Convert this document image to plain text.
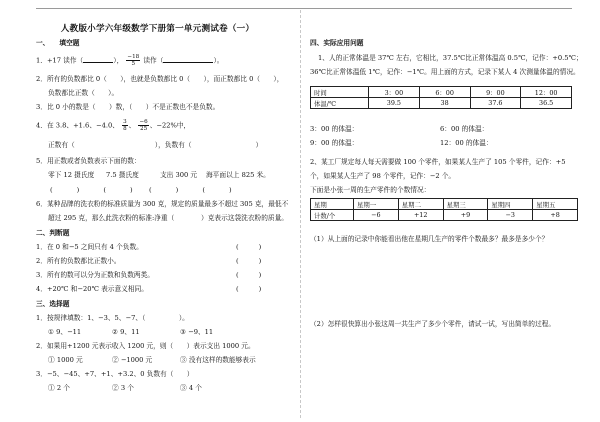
人教版小学六年级数学下册第一单元测试卷（一）
一、　　填空题
1．+17 读作（	）， $\frac{-18}{5}$ 读作（	）。
2．所有的负数都比 0（　　），也就是负数都比 0（　　），而正数都比 0（　　），
负数都比正数（　　）。
3．比 0 小的数是（　　）数，（　　）不是正数也不是负数。
4．在 3.8、+1.6、−4.0、 $\frac{3}{8}$ 、 $\frac{-6}{25}$ 、−22%中，
正数有（	），负数有（	）
5．用正数或者负数表示下面的数：
零下 12 摄氏度 7.5 摄氏度	支出 300 元 海平面以上 825 米。
(　　　)　　　(　　　)　　(　　　)　　　(　　　)
6．某种品牌的洗衣粉的标准质量为 300 克，规定的质量最多不超过 305 克，最低不
超过 295 克，那么此洗衣粉的标准:净重（　　　　）克表示这袋洗衣粉的质量。
二、判断题
1．在 0 和−5 之间只有 4 个负数。	(　　　)
2．所有的负数都比正数小。	(　　　)
3．所有的数可以分为正数和负数两类。	(　　　)
4．+20℃ 和−20℃ 表示意义相同。	(　　　)
三、选择题
1．按规律填数：1、−3、5、−7、（　　　　　）。
① 9、−11	② 9、11	③ −9、11
2．如果用+1200 元表示收入 1200 元，则（　　）表示支出 1000 元。
① 1000 元	② −1000 元	③ 没有这样的数能够表示
3．−5、−45、+7、+1、+3.2、0 负数有（　　）
① 2 个	② 3 个	③ 4 个
四、实际应用问题
1、人的正常体温是 37℃ 左右，它相比，37.5℃比正常体温高 0.5℃，记作：+0.5℃；
36℃比正常体温低 1℃，记作：−1℃。用上面的方式，记录下某人 4 次测量体温的情况。
时间	3：00	6：00	9：00	12：00
体温/℃	39.5	38	37.6	36.5
3：00 的体温：	6：00 的体温：
9：00 的体温：	12：00 的体温：
2、某工厂规定每人每天需要做 100 个零件，如果某人生产了 105 个零件，记作：+5
个，如果某人生产了 98 个零件，记作：−2 个。
下面是小张一周的生产零件的个数情况：
星期	星期一	星期二	星期三	星期四	星期五
计数/个	−6	+12	+9	−3	+8
（1）从上面的记录中你能看出他在星期几生产的零件个数最多？最多是多少个？
（2）怎样很快算出小张这周一共生产了多少个零件，请试一试，写出简单的过程。
